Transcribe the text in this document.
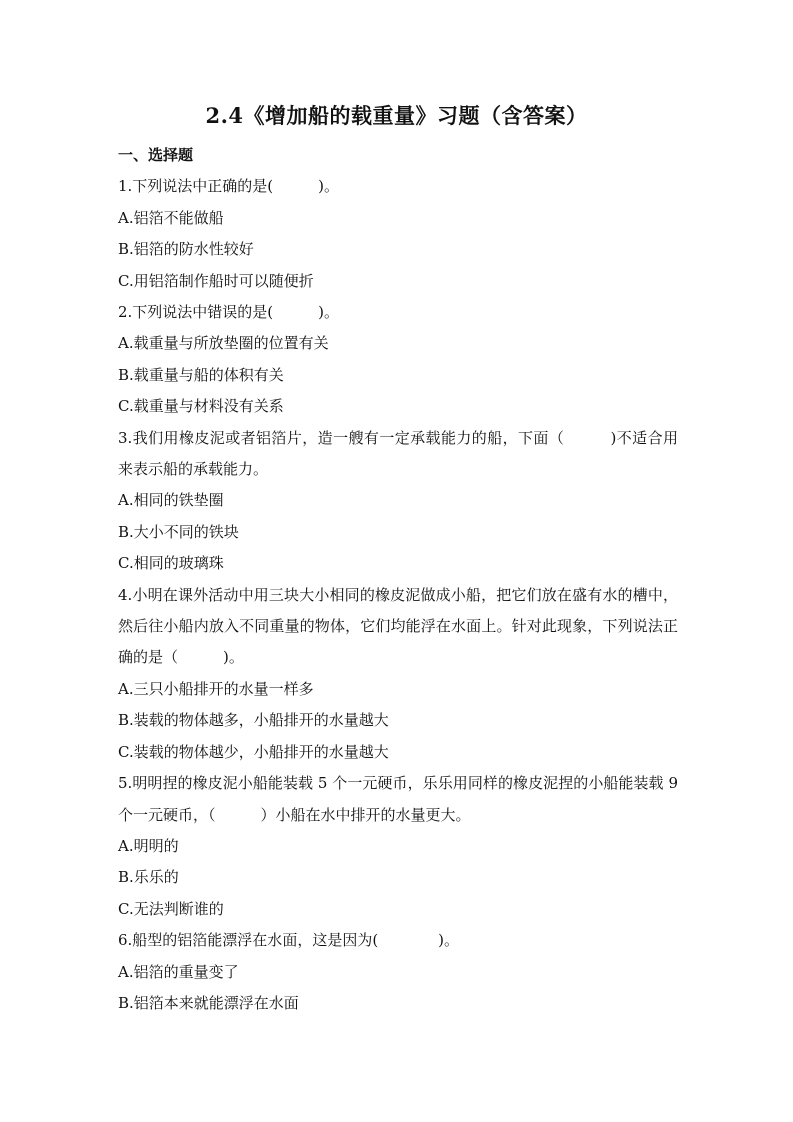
2.4《增加船的载重量》习题（含答案）
一、选择题
1.下列说法中正确的是(　　　)。
A.铝箔不能做船
B.铝箔的防水性较好
C.用铝箔制作船时可以随便折
2.下列说法中错误的是(　　　)。
A.载重量与所放垫圈的位置有关
B.载重量与船的体积有关
C.载重量与材料没有关系
3.我们用橡皮泥或者铝箔片，造一艘有一定承载能力的船，下面（　　　)不适合用来表示船的承载能力。
A.相同的铁垫圈
B.大小不同的铁块
C.相同的玻璃珠
4.小明在课外活动中用三块大小相同的橡皮泥做成小船，把它们放在盛有水的槽中，然后往小船内放入不同重量的物体，它们均能浮在水面上。针对此现象，下列说法正确的是（　　　)。
A.三只小船排开的水量一样多
B.装载的物体越多，小船排开的水量越大
C.装载的物体越少，小船排开的水量越大
5.明明捏的橡皮泥小船能装载 5 个一元硬币，乐乐用同样的橡皮泥捏的小船能装载 9 个一元硬币，（　　　）小船在水中排开的水量更大。
A.明明的
B.乐乐的
C.无法判断谁的
6.船型的铝箔能漂浮在水面，这是因为(　　　　)。
A.铝箔的重量变了
B.铝箔本来就能漂浮在水面
